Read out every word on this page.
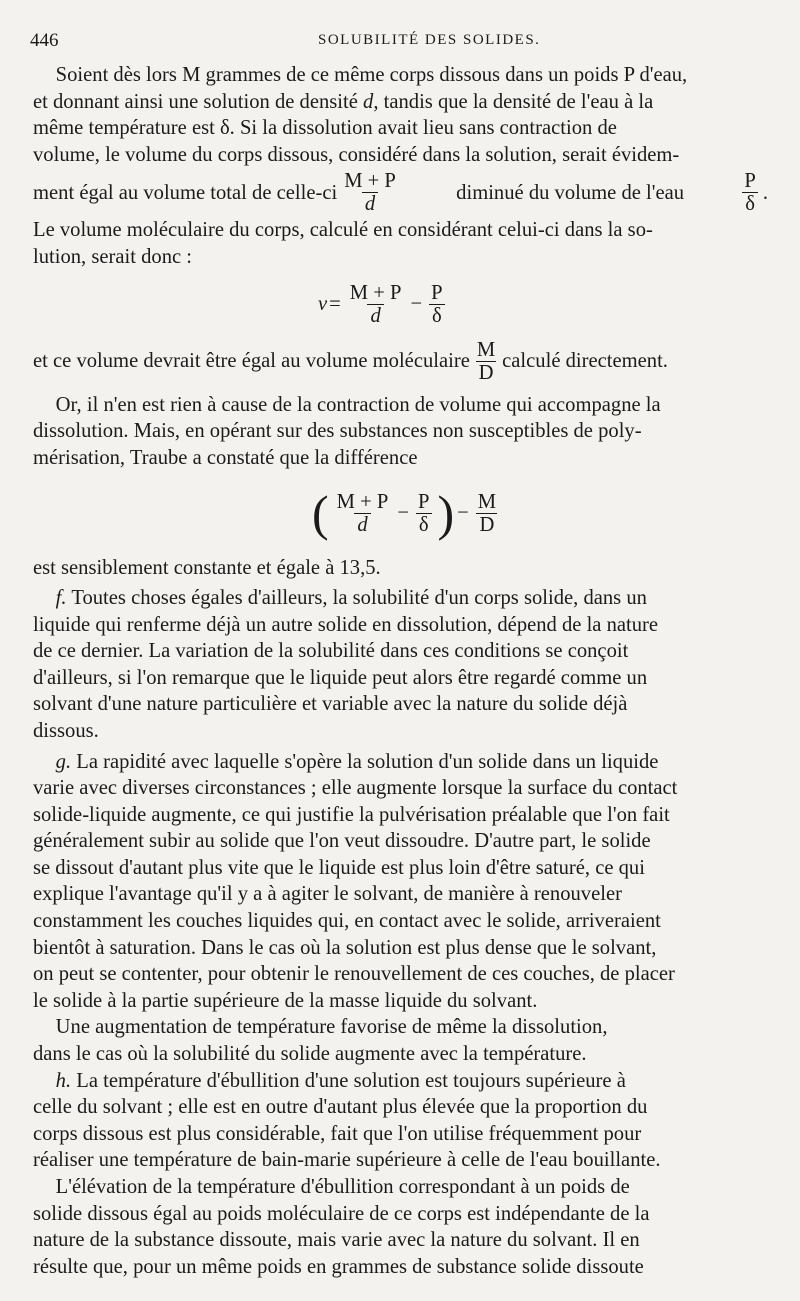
446	SOLUBILITÉ DES SOLIDES.

Soient dès lors M grammes de ce même corps dissous dans un poids P d'eau,

et donnant ainsi une solution de densité d, tandis que la densité de l'eau à la

même température est δ. Si la dissolution avait lieu sans contraction de

volume, le volume du corps dissous, considéré dans la solution, serait évidem-

ment égal au volume total de celle-ci $\frac{M + P}{d}$	diminué du volume de l'eau	$\frac{P}{\delta}$ .

Le volume moléculaire du corps, calculé en considérant celui-ci dans la so-

lution, serait donc :

$v = \frac{M + P}{d} - \frac{P}{\delta}$
et ce volume devrait être égal au volume moléculaire $\frac{M}{D}$ calculé directement.

Or, il n'en est rien à cause de la contraction de volume qui accompagne la

dissolution. Mais, en opérant sur des substances non susceptibles de poly-

mérisation, Traube a constaté que la différence

( $\frac{M + P}{d} - \frac{P}{\delta}$ ) − $\frac{M}{D}$

est sensiblement constante et égale à 13,5.

f. Toutes choses égales d'ailleurs, la solubilité d'un corps solide, dans un

liquide qui renferme déjà un autre solide en dissolution, dépend de la nature

de ce dernier. La variation de la solubilité dans ces conditions se conçoit

d'ailleurs, si l'on remarque que le liquide peut alors être regardé comme un

solvant d'une nature particulière et variable avec la nature du solide déjà

dissous.

g. La rapidité avec laquelle s'opère la solution d'un solide dans un liquide

varie avec diverses circonstances ; elle augmente lorsque la surface du contact

solide-liquide augmente, ce qui justifie la pulvérisation préalable que l'on fait

généralement subir au solide que l'on veut dissoudre. D'autre part, le solide

se dissout d'autant plus vite que le liquide est plus loin d'être saturé, ce qui

explique l'avantage qu'il y a à agiter le solvant, de manière à renouveler

constamment les couches liquides qui, en contact avec le solide, arriveraient

bientôt à saturation. Dans le cas où la solution est plus dense que le solvant,

on peut se contenter, pour obtenir le renouvellement de ces couches, de placer

le solide à la partie supérieure de la masse liquide du solvant.

Une augmentation de température favorise de même la dissolution,

dans le cas où la solubilité du solide augmente avec la température.

h. La température d'ébullition d'une solution est toujours supérieure à

celle du solvant ; elle est en outre d'autant plus élevée que la proportion du

corps dissous est plus considérable, fait que l'on utilise fréquemment pour

réaliser une température de bain-marie supérieure à celle de l'eau bouillante.

L'élévation de la température d'ébullition correspondant à un poids de

solide dissous égal au poids moléculaire de ce corps est indépendante de la

nature de la substance dissoute, mais varie avec la nature du solvant. Il en

résulte que, pour un même poids en grammes de substance solide dissoute
